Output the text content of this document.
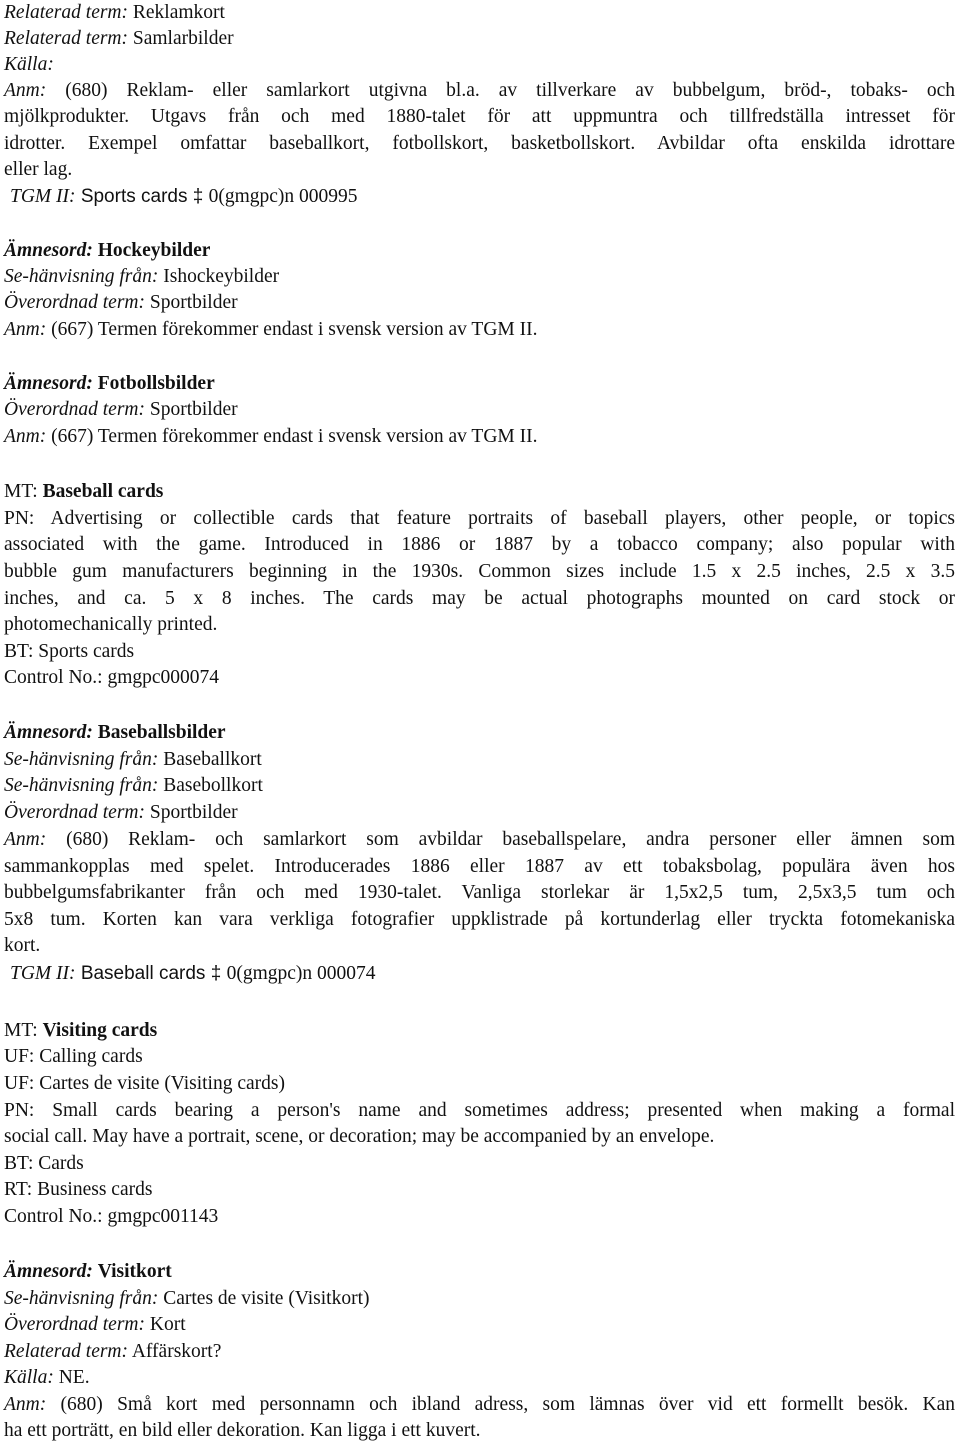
Relaterad term: Reklamkort
Relaterad term: Samlarbilder
Källa:
Anm: (680) Reklam- eller samlarkort utgivna bl.a. av tillverkare av bubbelgum, bröd-, tobaks- och
mjölkprodukter. Utgavs från och med 1880-talet för att uppmuntra och tillfredställa intresset för
idrotter. Exempel omfattar baseballkort, fotbollskort, basketbollskort. Avbildar ofta enskilda idrottare
eller lag.
TGM II: Sports cards ‡ 0(gmgpc)n 000995
Ämnesord: Hockeybilder
Se-hänvisning från: Ishockeybilder
Överordnad term: Sportbilder
Anm: (667) Termen förekommer endast i svensk version av TGM II.
Ämnesord: Fotbollsbilder
Överordnad term: Sportbilder
Anm: (667) Termen förekommer endast i svensk version av TGM II.
MT: Baseball cards
PN: Advertising or collectible cards that feature portraits of baseball players, other people, or topics
associated with the game. Introduced in 1886 or 1887 by a tobacco company; also popular with
bubble gum manufacturers beginning in the 1930s. Common sizes include 1.5 x 2.5 inches, 2.5 x 3.5
inches, and ca. 5 x 8 inches. The cards may be actual photographs mounted on card stock or
photomechanically printed.
BT: Sports cards
Control No.: gmgpc000074
Ämnesord: Baseballsbilder
Se-hänvisning från: Baseballkort
Se-hänvisning från: Basebollkort
Överordnad term: Sportbilder
Anm: (680) Reklam- och samlarkort som avbildar baseballspelare, andra personer eller ämnen som
sammankopplas med spelet. Introducerades 1886 eller 1887 av ett tobaksbolag, populära även hos
bubbelgumsfabrikanter från och med 1930-talet. Vanliga storlekar är 1,5x2,5 tum, 2,5x3,5 tum och
5x8 tum. Korten kan vara verkliga fotografier uppklistrade på kortunderlag eller tryckta fotomekaniska
kort.
TGM II: Baseball cards ‡ 0(gmgpc)n 000074
MT: Visiting cards
UF: Calling cards
UF: Cartes de visite (Visiting cards)
PN: Small cards bearing a person's name and sometimes address; presented when making a formal
social call. May have a portrait, scene, or decoration; may be accompanied by an envelope.
BT: Cards
RT: Business cards
Control No.: gmgpc001143
Ämnesord: Visitkort
Se-hänvisning från: Cartes de visite (Visitkort)
Överordnad term: Kort
Relaterad term: Affärskort?
Källa: NE.
Anm: (680) Små kort med personnamn och ibland adress, som lämnas över vid ett formellt besök. Kan
ha ett porträtt, en bild eller dekoration. Kan ligga i ett kuvert.
